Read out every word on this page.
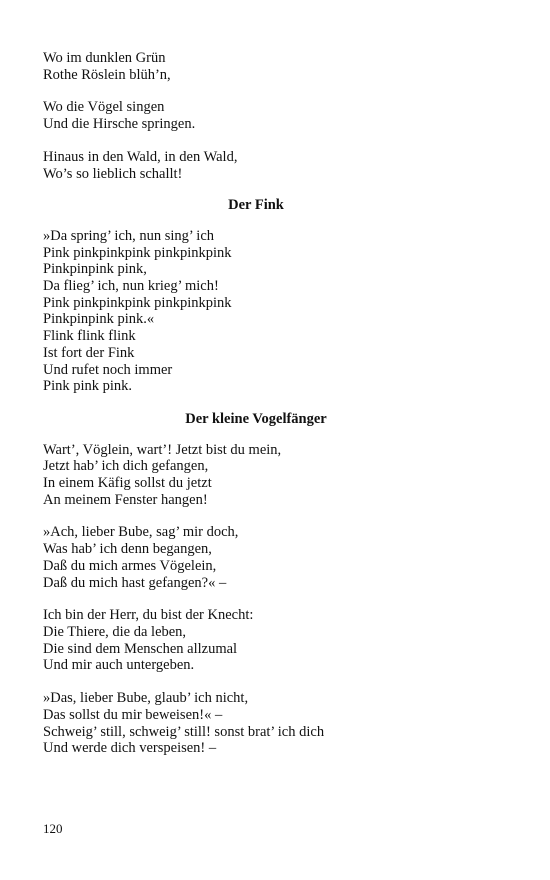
Wo im dunklen Grün
Rothe Röslein blüh’n,
Wo die Vögel singen
Und die Hirsche springen.
Hinaus in den Wald, in den Wald,
Wo’s so lieblich schallt!
Der Fink
»Da spring’ ich, nun sing’ ich
Pink pinkpinkpink pinkpinkpink
Pinkpinpink pink,
Da flieg’ ich, nun krieg’ mich!
Pink pinkpinkpink pinkpinkpink
Pinkpinpink pink.«
Flink flink flink
Ist fort der Fink
Und rufet noch immer
Pink pink pink.
Der kleine Vogelfänger
Wart’, Vöglein, wart’! Jetzt bist du mein,
Jetzt hab’ ich dich gefangen,
In einem Käfig sollst du jetzt
An meinem Fenster hangen!
»Ach, lieber Bube, sag’ mir doch,
Was hab’ ich denn begangen,
Daß du mich armes Vögelein,
Daß du mich hast gefangen?« –
Ich bin der Herr, du bist der Knecht:
Die Thiere, die da leben,
Die sind dem Menschen allzumal
Und mir auch untergeben.
»Das, lieber Bube, glaub’ ich nicht,
Das sollst du mir beweisen!« –
Schweig’ still, schweig’ still! sonst brat’ ich dich
Und werde dich verspeisen! –
120
